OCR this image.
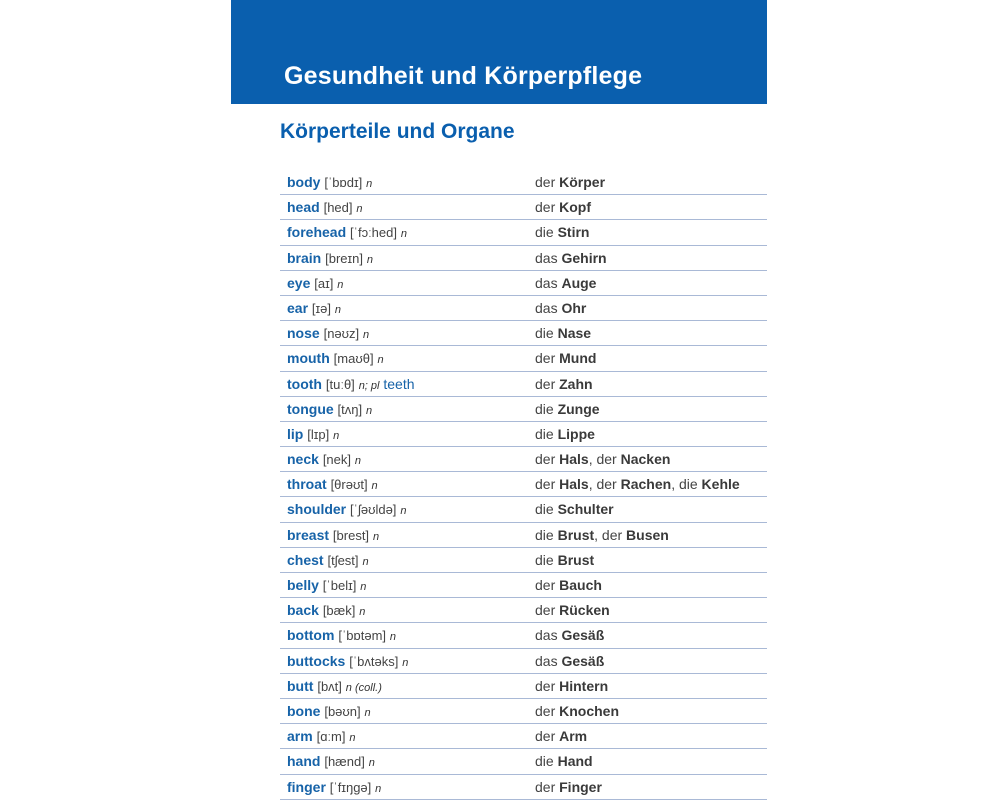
Gesundheit und Körperpflege
Körperteile und Organe
body [ˈbɒdɪ] n	der Körper
head [hed] n	der Kopf
forehead [ˈfɔːhed] n	die Stirn
brain [breɪn] n	das Gehirn
eye [aɪ] n	das Auge
ear [ɪə] n	das Ohr
nose [nəʊz] n	die Nase
mouth [maʊθ] n	der Mund
tooth [tuːθ] n; pl teeth	der Zahn
tongue [tʌŋ] n	die Zunge
lip [lɪp] n	die Lippe
neck [nek] n	der Hals, der Nacken
throat [θrəʊt] n	der Hals, der Rachen, die Kehle
shoulder [ˈʃəʊldə] n	die Schulter
breast [brest] n	die Brust, der Busen
chest [tʃest] n	die Brust
belly [ˈbelɪ] n	der Bauch
back [bæk] n	der Rücken
bottom [ˈbɒtəm] n	das Gesäß
buttocks [ˈbʌtəks] n	das Gesäß
butt [bʌt] n (coll.)	der Hintern
bone [bəʊn] n	der Knochen
arm [ɑːm] n	der Arm
hand [hænd] n	die Hand
finger [ˈfɪŋgə] n	der Finger
